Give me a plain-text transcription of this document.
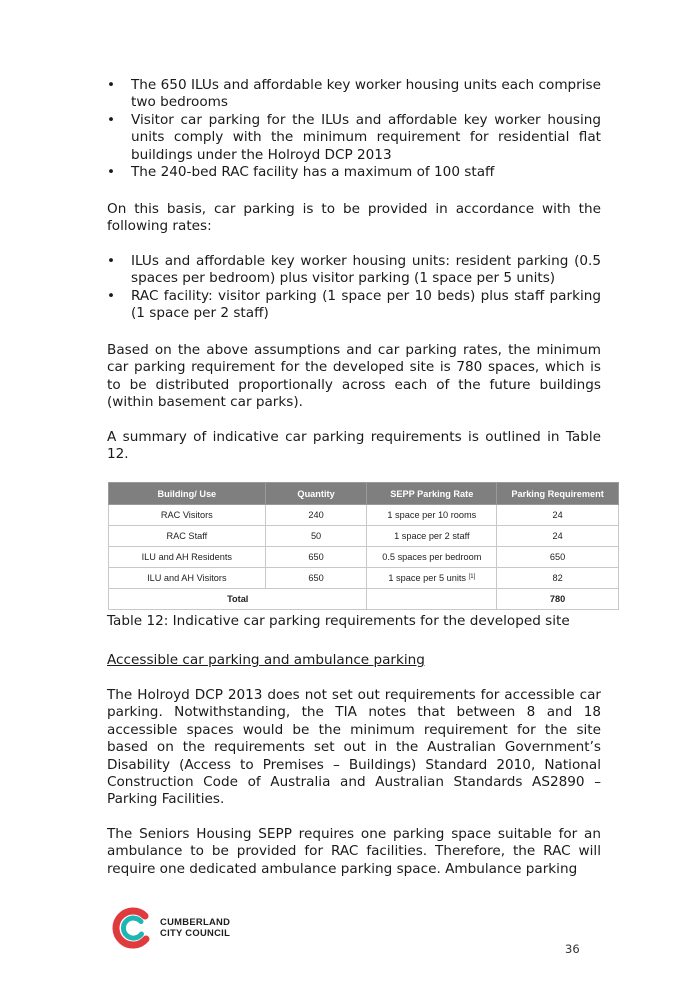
• The 650 ILUs and affordable key worker housing units each comprise two bedrooms
• Visitor car parking for the ILUs and affordable key worker housing units comply with the minimum requirement for residential flat buildings under the Holroyd DCP 2013
• The 240-bed RAC facility has a maximum of 100 staff

On this basis, car parking is to be provided in accordance with the following rates:

• ILUs and affordable key worker housing units: resident parking (0.5 spaces per bedroom) plus visitor parking (1 space per 5 units)
• RAC facility: visitor parking (1 space per 10 beds) plus staff parking (1 space per 2 staff)

Based on the above assumptions and car parking rates, the minimum car parking requirement for the developed site is 780 spaces, which is to be distributed proportionally across each of the future buildings (within basement car parks).

A summary of indicative car parking requirements is outlined in Table 12.

Building/ Use	Quantity	SEPP Parking Rate	Parking Requirement
RAC Visitors	240	1 space per 10 rooms	24
RAC Staff	50	1 space per 2 staff	24
ILU and AH Residents	650	0.5 spaces per bedroom	650
ILU and AH Visitors	650	1 space per 5 units [1]	82
Total			780
Table 12: Indicative car parking requirements for the developed site
Accessible car parking and ambulance parking

The Holroyd DCP 2013 does not set out requirements for accessible car parking. Notwithstanding, the TIA notes that between 8 and 18 accessible spaces would be the minimum requirement for the site based on the requirements set out in the Australian Government’s Disability (Access to Premises – Buildings) Standard 2010, National Construction Code of Australia and Australian Standards AS2890 – Parking Facilities.

The Seniors Housing SEPP requires one parking space suitable for an ambulance to be provided for RAC facilities. Therefore, the RAC will require one dedicated ambulance parking space. Ambulance parking

CUMBERLAND
CITY COUNCIL
36
